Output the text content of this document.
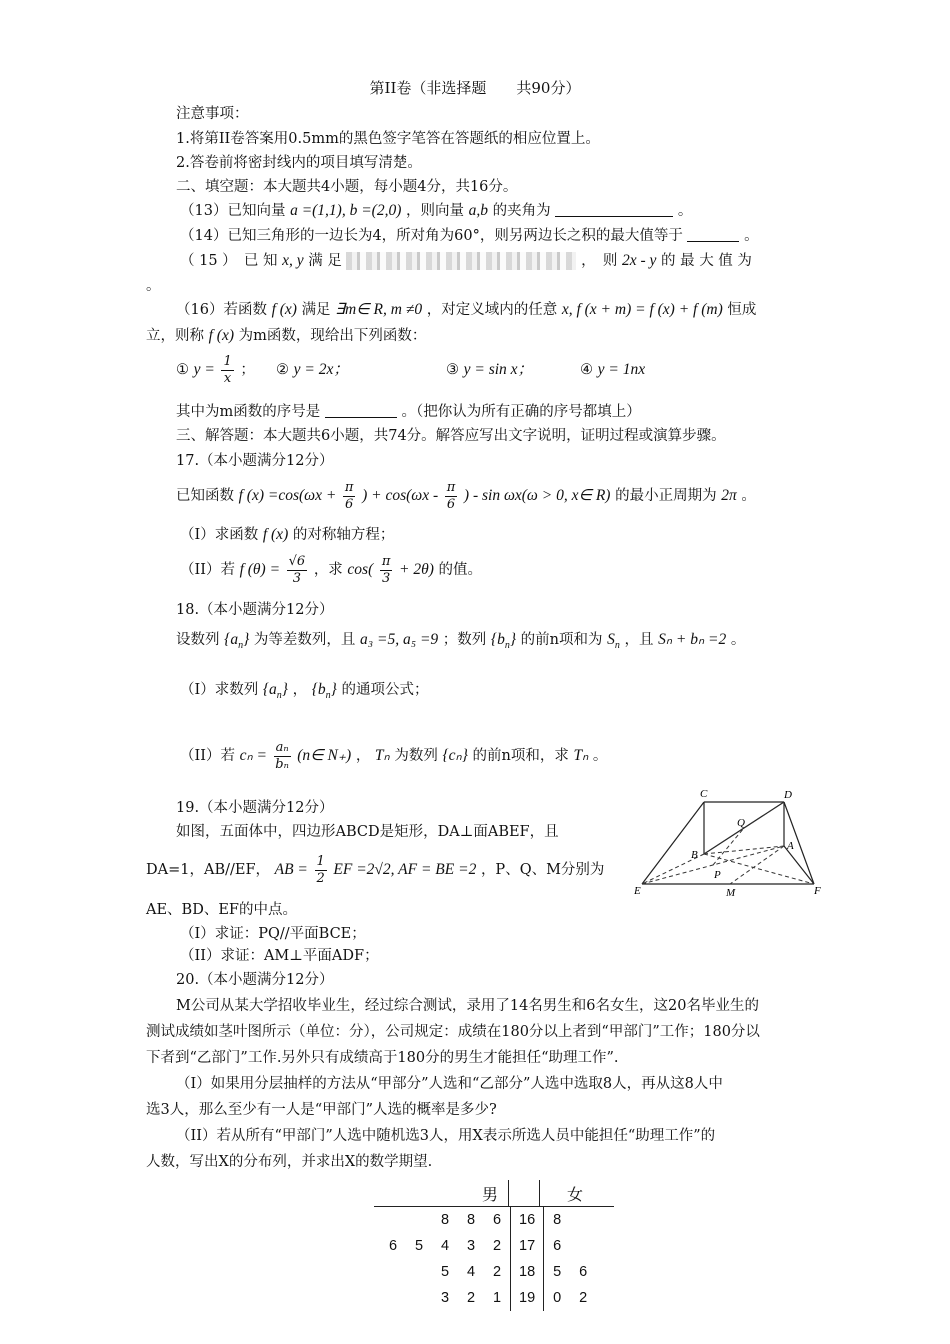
第II卷（非选择题　　共90分）
注意事项：
1.将第II卷答案用0.5mm的黑色签字笔答在答题纸的相应位置上。
2.答卷前将密封线内的项目填写清楚。
二、填空题：本大题共4小题，每小题4分，共16分。
（13）已知向量 a =(1,1), b =(2,0) ，则向量 a,b 的夹角为	。
（14）已知三角形的一边长为4，所对角为60°，则另两边长之积的最大值等于	。
（ 15 ）　已 知 x, y 满 足	，　则 2x - y 的 最 大 值 为
。
（16）若函数 f (x) 满足 ∃m∈ R, m ≠0 ，对定义域内的任意 x, f (x + m) = f (x) + f (m) 恒成
立，则称 f (x) 为m函数，现给出下列函数：
① $y = \frac{1}{x}$ ； ② y = 2x；	③ y = sin x；	④ y = 1nx
其中为m函数的序号是	。（把你认为所有正确的序号都填上）
三、解答题：本大题共6小题，共74分。解答应写出文字说明，证明过程或演算步骤。
17.（本小题满分12分）
已知函数 f $(x) =\cos(\omega x + \frac{\pi}{6}$ ) + $\cos(\omega x - \frac{\pi}{6}$ ) - sin ωx(ω > 0, x∈ R) 的最小正周期为 2π 。
（I）求函数 f (x) 的对称轴方程；
（II）若 f $(\theta) = \frac{√6}{3}$ ，求 $\cos( \frac{\pi}{3} + 2\theta)$ 的值。
18.（本小题满分12分）
设数列 $\{a_n\}$ 为等差数列，且 a₃ =5, a₅ =9 ；数列 $\{b_n\}$ 的前n项和为 $S_n$ ，且 Sₙ + bₙ =2 。
（I）求数列 $\{a_n\}$ ， $\{b_n\}$ 的通项公式；
（II）若 $c_n = \frac{\text{aₙ}}{\text{bₙ}}$ (n∈ N₊) ， Tₙ 为数列 {cₙ} 的前n项和，求 Tₙ 。
19.（本小题满分12分）
如图，五面体中，四边形ABCD是矩形，DA⊥面ABEF，且
DA=1，AB//EF， AB = $\frac{1}{2}$ EF =2√2, AF = BE =2 ，P、Q、M分别为
AE、BD、EF的中点。
（I）求证：PQ//平面BCE；
（II）求证：AM⊥平面ADF；
C	D
Q
B
A
P
E	M	F
20.（本小题满分12分）
M公司从某大学招收毕业生，经过综合测试，录用了14名男生和6名女生，这20名毕业生的
测试成绩如茎叶图所示（单位：分），公司规定：成绩在180分以上者到“甲部门”工作；180分以
下者到“乙部门”工作.另外只有成绩高于180分的男生才能担任“助理工作”.
（I）如果用分层抽样的方法从“甲部分”人选和“乙部分”人选中选取8人，再从这8人中
选3人，那么至少有一人是“甲部门”人选的概率是多少?
（II）若从所有“甲部门”人选中随机选3人，用X表示所选人员中能担任“助理工作”的
人数，写出X的分布列，并求出X的数学期望.
男	女
		8	8	6	16	8	
6	5	4	3	2	17	6	
		5	4	2	18	5	6
		3	2	1	19	0	2
